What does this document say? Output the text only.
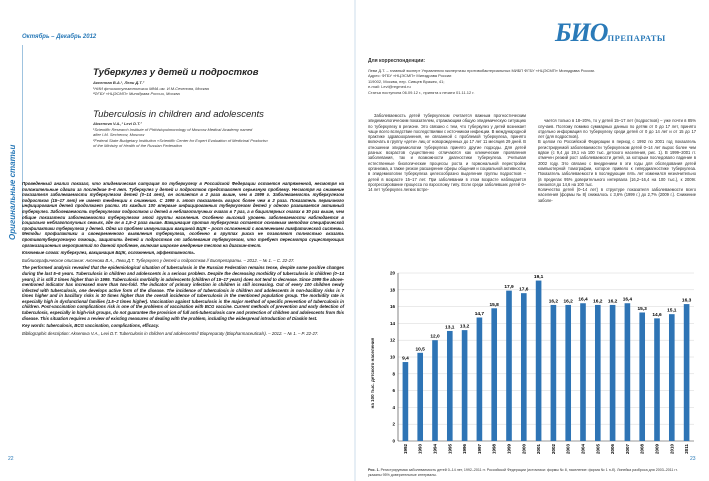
Октябрь – Декабрь 2012
Оригинальные статьи
Туберкулез у детей и подростков
Аксенова В.А.¹, Леви Д.Т.²
¹НИИ фтизиопульмонологии ММА им. И.М.Сеченова, Москва
²ФГБУ «НЦЭСМП» Минздрава России, Москва
Tuberculosis in children and adolescents
Aksenova V.A.,¹ Levi D.T.²
¹Scientific Research Institute of Phthisiopulmonology of Moscow Medical Academy named
after I.M. Sechenov, Moscow
²Federal State Budgetary Institution «Scientific Center for Expert Evaluation of Medicinal Products»
of the Ministry of Health of the Russian Federation

Проведенный анализ показал, что эпидемическая ситуация по туберкулезу в Российской Федерации остается напряженной, несмотря на положительные сдвиги за последние 5–6 лет. Туберкулез у детей и подростков представляет серьезную проблему. Несмотря на снижение показателя заболеваемости туберкулезом детей (0–14 лет), он остается в 2 раза выше, чем в 1999 г. Заболеваемость туберкулезом подростков (15–17 лет) не имеет тенденции к снижению. С 1999 г. этот показатель возрос более чем в 2 раза. Показатель первичного инфицирования детей продолжает расти. Из каждых 100 впервые инфицированных туберкулезом детей у одного развивается активный туберкулез. Заболеваемость туберкулезом подростков и детей в неблагополучных очагах в 7 раз, а в бациллярных очагах в 30 раз выше, чем общие показатели заболеваемости туберкулезом этой группы населения. Особенно высокий уровень заболеваемости наблюдается в социально неблагополучных семьях, где он в 1,5–2 раза выше. Вакцинация против туберкулеза остается основным методом специфической профилактики туберкулеза у детей. Одна из проблем иммунизации вакциной БЦЖ – рост осложнений с вовлечением лимфатической системы. Методы профилактики и своевременного выявления туберкулеза, особенно в группах риска не позволяют полностью оказать противотуберкулезную помощь, защитить детей и подростков от заболевания туберкулезом, что требует пересмотра существующих организационных мероприятий по данной проблеме, включая широкое внедрение тестов на диаскин-тест.

Ключевые слова: туберкулез, вакцинация БЦЖ, осложнения, эффективность.

Библиографическое описание: Аксенова В.А., Леви Д.Т. Туберкулез у детей и подростков // Биопрепараты. – 2012. – № 1. – С. 22-27.

The performed analysis revealed that the epidemiological situation of tuberculosis in the Russian Federation remains tense, despite some positive changes during the last 5–6 years. Tuberculosis in children and adolescents is a serious problem. Despite the decreasing morbidity of tuberculosis in children (0–14 years), it is still 2 times higher than in 1999. Tuberculosis morbidity in adolescents (children of 15–17 years) does not tend to decrease. Since 1999 the above-mentioned indicator has increased more than two-fold. The indicator of primary infection in children is still increasing. Out of every 100 children newly infected with tuberculosis, one develops active form of the disease. The incidence of tuberculosis in children and adolescents in non-bacillary risks is 7 times higher and in bacillary risks is 30 times higher than the overall incidence of tuberculosis in the mentioned population group. The morbidity rate is especially high in dysfunctional families (1.5–2 times higher). Vaccination against tuberculosis is the major method of specific prevention of tuberculosis in children. Post-vaccination complications risk is one of the problems of vaccination with BCG vaccine. Current methods of prevention and early detection of tuberculosis, especially in high-risk groups, do not guarantee the provision of full anti-tuberculosis care and protection of children and adolescents from this disease. This situation requires a review of existing measures of dealing with the problem, including the widespread introduction of Diaskin test.

Key words: tuberculosis, BCG vaccination, complications, efficacy.

Bibliographic description: Aksenova V.A., Levi D.T. Tuberculosis in children and adolescents// Biopreparaty (Biopharmaceuticals). – 2012. – № 1. – P. 22-27.

22
БИОПРЕПАРАТЫ
Для корреспонденции:
Леви Д.Т. – главный эксперт Управления экспертизы противобактериальных МИБП ФГБУ «НЦЭСМП» Минздрава России.
Адрес: ФГБУ «НЦЭСМП» Минздрава России
119002, Москва, пер. Сивцев Вражек, 41;
e-mail: Levi@regmed.ru
Статья поступила 06.09.12 г., принята к печати 01.11.12 г.

Заболеваемость детей туберкулезом считается важным прогностическим эпидемиологическим показателем, отражающим общую эпидемическую ситуацию по туберкулезу в регионе. Это связано с тем, что туберкулез у детей возникает чаще всего вследствие последствиями с источником инфекции. В международной практике здравоохранения, не связанной с проблемой туберкулеза, принято включать в группу «дети» лиц от новорожденных до 17 лет 11 месяцев 29 дней. В отношении эпидемиологии туберкулеза принято другие подходы. Для детей разных возрастов существенно отличаются как клинические проявления заболевания, так и возможности диагностики туберкулеза. Учитывая естественные биологические процессы роста и гормональной перестройки организма, а также резкое расширение сферы общения и социальной активности, в эпидемиологии туберкулеза целесообразно выделение группы подростков – детей в возрасте 15–17 лет. При заболевании в этом возрасте наблюдается прогрессирование процесса по взрослому типу. Если среди заболевших детей 0–14 лет туберкулез легких встре-

чается только в 18–20%, то у детей 15–17 лет (подростков) – уже почти в 85% случаев. Поэтому помимо суммарных данных по детям от 0 до 17 лет, принято отдельно информация по туберкулезу среди детей от 0 до 14 лет и от 15 до 17 лет (для подростков).
В целом по Российской Федерации в период с 1992 по 2001 год показатель регистрируемой заболеваемости туберкулезом детей 0–14 лет вырос более чем вдвое (с 9,4 до 19,1 на 100 тыс. детского населения, рис. 1). В 1999–2001 гг. отмечен резкий рост заболеваемости детей, за которым последовало падение в 2002 году. Это связано с внедрением в эти годы для обследования детей компьютерной томографии, которое привело к гипердиагностике туберкулеза. Показатель заболеваемости в последующие пять лет изменился незначительно (в пределах 95% доверительного интервала (16,2–16,4 на 100 тыс.), к 2009г. снизился до 14,6 на 100 тыс.
Количество детей (0–14 лет) в структуре показателя заболеваемости всего населения (формы № 8) снижалось с 3,6% (1999 г.) до 2,7% (2009 г.). Снижение заболе-

0
2
4
6
8
10
12
14
16
18
20
1992 1993 1994 1995 1996 1997 1998 1999 2000 2001 2002 2003 2004 2005 2006 2007 2008 2009 2010 2011
9,4
10,5
12,0
13,1 13,2
14,7
15,8
17,9
17,6
19,1
16,2 16,2 16,4 16,2 16,2 16,4
15,3
14,6
15,1
16,3
на 100 тыс. детского населения
Рис. 1. Регистрируемая заболеваемость детей 0–14 лет, 1992–2011 гг. Российской Федерации (источники: формы № 8, население: форма № 1 н-б). Линейка разброса для 2003–2011 гг. указаны 95% доверительные интервалы.
23
